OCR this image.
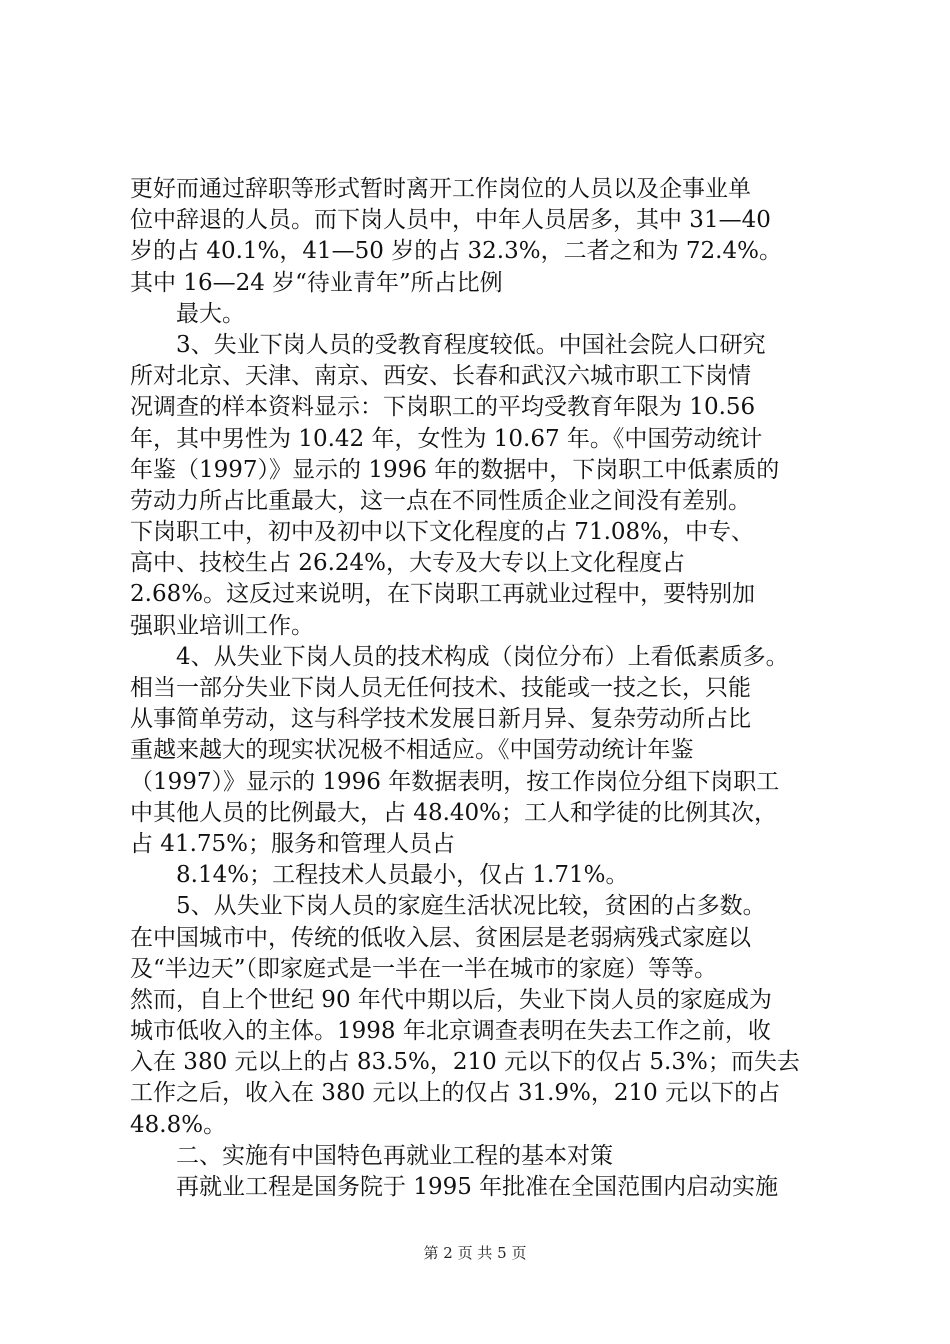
更好而通过辞职等形式暂时离开工作岗位的人员以及企事业单
位中辞退的人员。而下岗人员中，中年人员居多，其中 31—40
岁的占 40.1%，41—50 岁的占 32.3%，二者之和为 72.4%。
其中 16—24 岁“待业青年”所占比例
最大。
3、失业下岗人员的受教育程度较低。中国社会院人口研究
所对北京、天津、南京、西安、长春和武汉六城市职工下岗情
况调查的样本资料显示：下岗职工的平均受教育年限为 10.56
年，其中男性为 10.42 年，女性为 10.67 年。《中国劳动统计
年鉴（1997）》显示的 1996 年的数据中，下岗职工中低素质的
劳动力所占比重最大，这一点在不同性质企业之间没有差别。
下岗职工中，初中及初中以下文化程度的占 71.08%，中专、
高中、技校生占 26.24%，大专及大专以上文化程度占
2.68%。这反过来说明，在下岗职工再就业过程中，要特别加
强职业培训工作。
4、从失业下岗人员的技术构成（岗位分布）上看低素质多。
相当一部分失业下岗人员无任何技术、技能或一技之长，只能
从事简单劳动，这与科学技术发展日新月异、复杂劳动所占比
重越来越大的现实状况极不相适应。《中国劳动统计年鉴
（1997）》显示的 1996 年数据表明，按工作岗位分组下岗职工
中其他人员的比例最大，占 48.40%；工人和学徒的比例其次，
占 41.75%；服务和管理人员占
8.14%；工程技术人员最小，仅占 1.71%。
5、从失业下岗人员的家庭生活状况比较，贫困的占多数。
在中国城市中，传统的低收入层、贫困层是老弱病残式家庭以
及“半边天”（即家庭式是一半在一半在城市的家庭）等等。
然而，自上个世纪 90 年代中期以后，失业下岗人员的家庭成为
城市低收入的主体。1998 年北京调查表明在失去工作之前，收
入在 380 元以上的占 83.5%，210 元以下的仅占 5.3%；而失去
工作之后，收入在 380 元以上的仅占 31.9%，210 元以下的占
48.8%。
二、实施有中国特色再就业工程的基本对策
再就业工程是国务院于 1995 年批准在全国范围内启动实施
第 2 页 共 5 页
